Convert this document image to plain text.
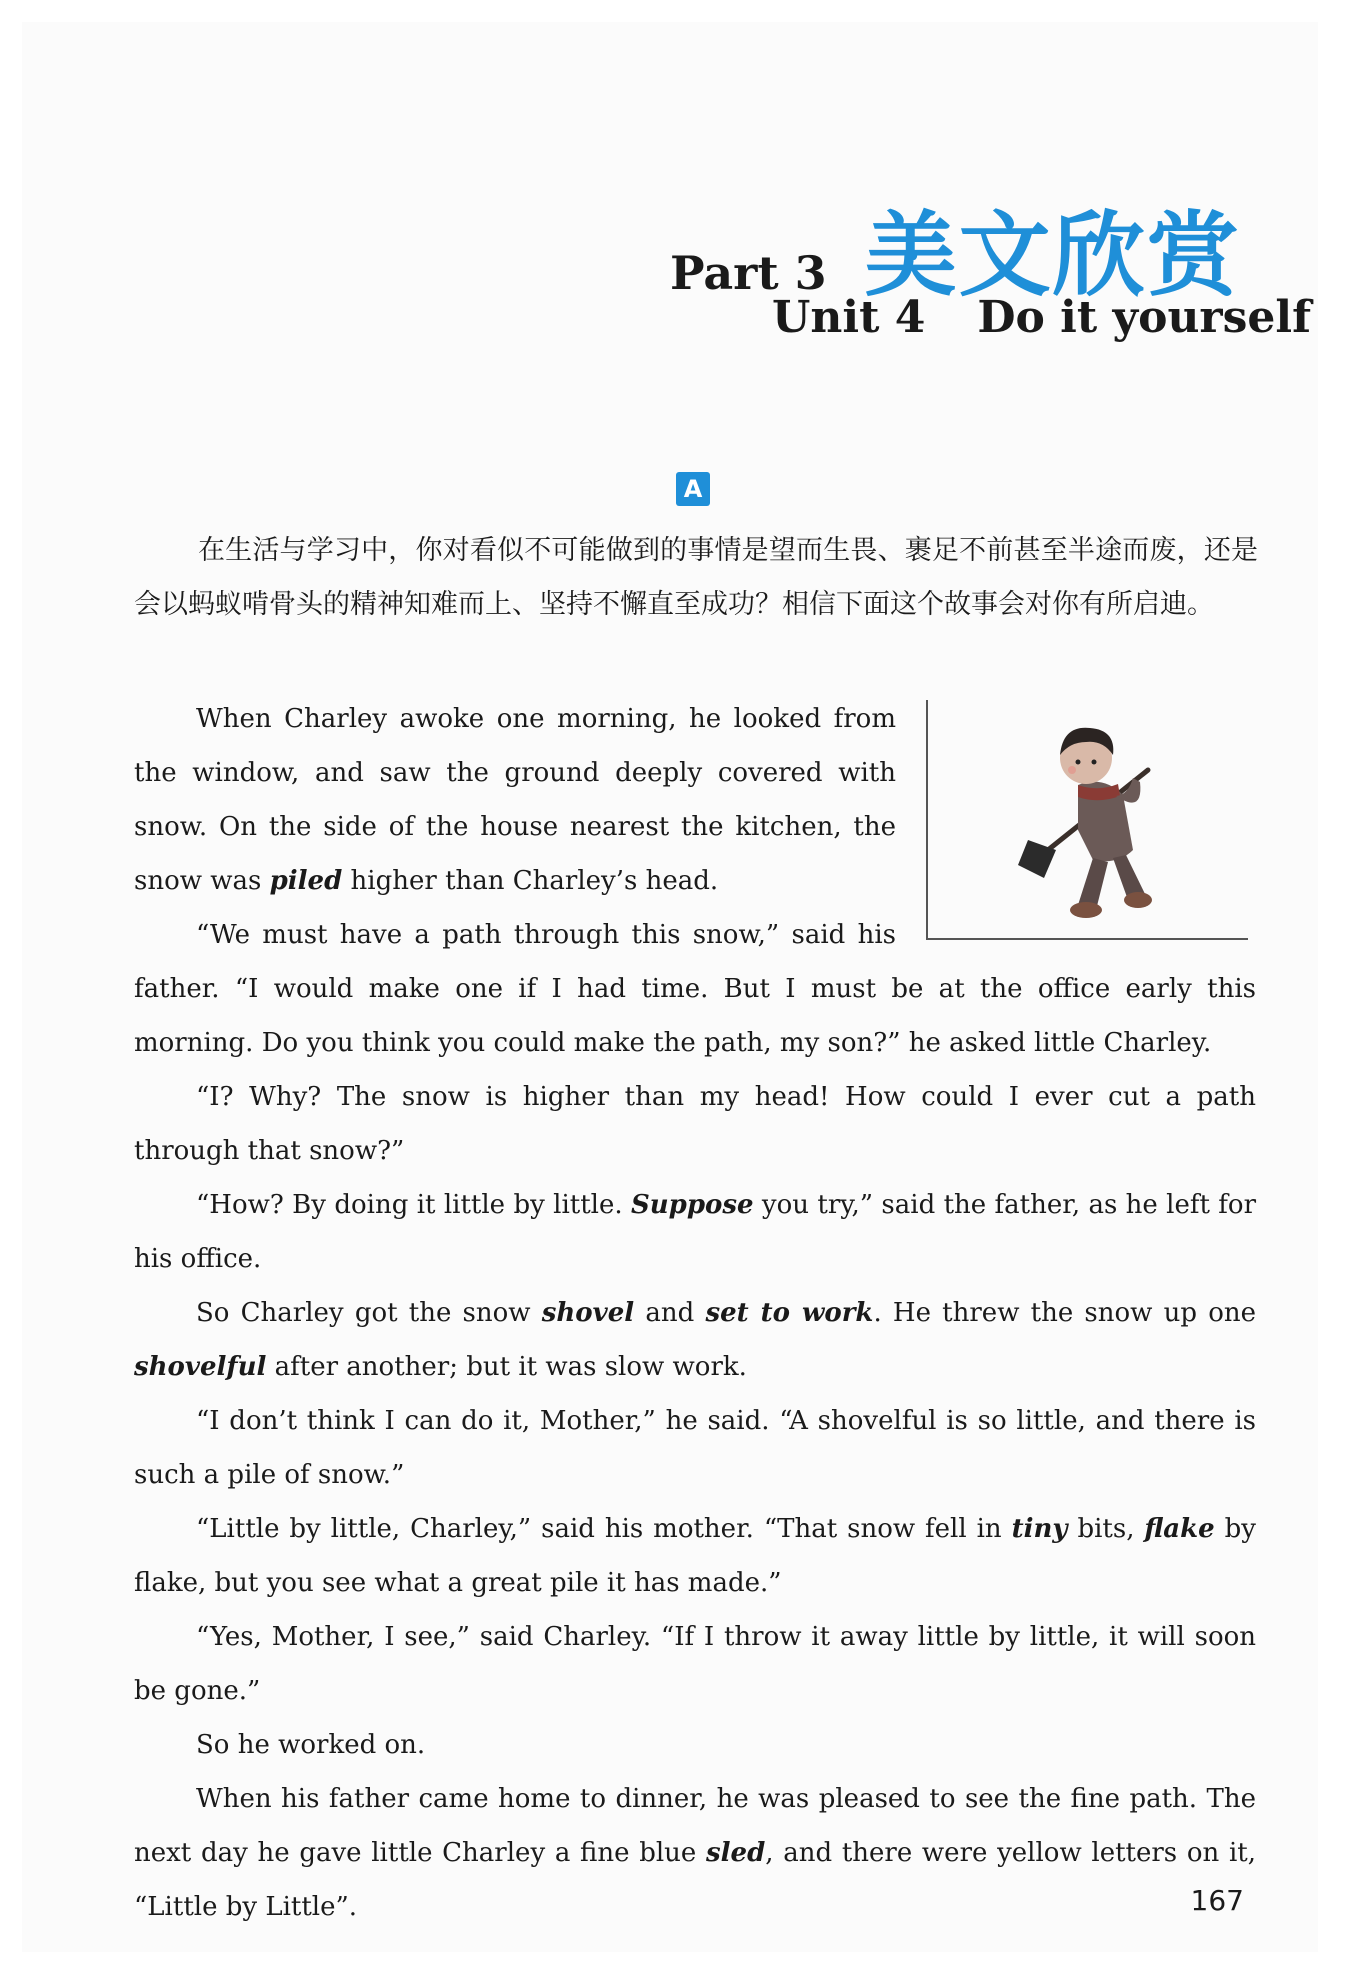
Part 3 美文欣赏
Unit 4 Do it yourself
A

在生活与学习中，你对看似不可能做到的事情是望而生畏、裹足不前甚至半途而废，还是会以蚂蚁啃骨头的精神知难而上、坚持不懈直至成功？相信下面这个故事会对你有所启迪。

When Charley awoke one morning, he looked from the window, and saw the ground deeply covered with snow. On the side of the house nearest the kitchen, the snow was piled higher than Charley’s head.

“We must have a path through this snow,” said his father. “I would make one if I had time. But I must be at the office early this morning. Do you think you could make the path, my son?” he asked little Charley.

“I? Why? The snow is higher than my head! How could I ever cut a path through that snow?”

“How? By doing it little by little. Suppose you try,” said the father, as he left for his office.

So Charley got the snow shovel and set to work. He threw the snow up one shovelful after another; but it was slow work.

“I don’t think I can do it, Mother,” he said. “A shovelful is so little, and there is such a pile of snow.”

“Little by little, Charley,” said his mother. “That snow fell in tiny bits, flake by flake, but you see what a great pile it has made.”

“Yes, Mother, I see,” said Charley. “If I throw it away little by little, it will soon be gone.”

So he worked on.

When his father came home to dinner, he was pleased to see the fine path. The next day he gave little Charley a fine blue sled, and there were yellow letters on it, “Little by Little”.	167
